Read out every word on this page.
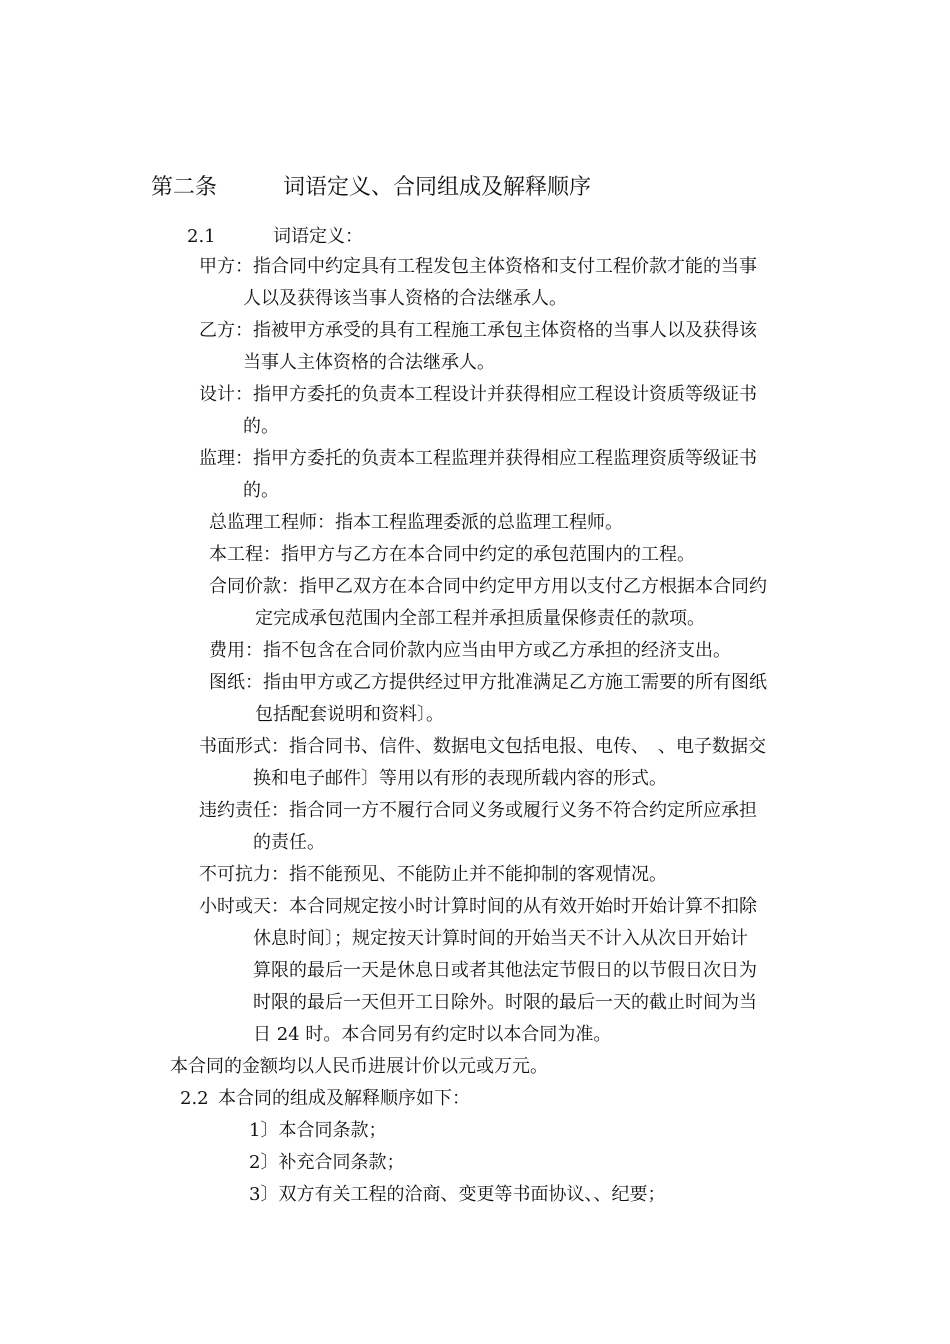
第二条	词语定义、合同组成及解释顺序
2.1	词语定义：
甲方：指合同中约定具有工程发包主体资格和支付工程价款才能的当事
人以及获得该当事人资格的合法继承人。
乙方：指被甲方承受的具有工程施工承包主体资格的当事人以及获得该
当事人主体资格的合法继承人。
设计：指甲方委托的负责本工程设计并获得相应工程设计资质等级证书
的。
监理：指甲方委托的负责本工程监理并获得相应工程监理资质等级证书
的。
总监理工程师：指本工程监理委派的总监理工程师。
本工程：指甲方与乙方在本合同中约定的承包范围内的工程。
合同价款：指甲乙双方在本合同中约定甲方用以支付乙方根据本合同约
定完成承包范围内全部工程并承担质量保修责任的款项。
费用：指不包含在合同价款内应当由甲方或乙方承担的经济支出。
图纸：指由甲方或乙方提供经过甲方批准满足乙方施工需要的所有图纸
包括配套说明和资料〕。
书面形式：指合同书、信件、数据电文包括电报、电传、　、电子数据交
换和电子邮件〕等用以有形的表现所载内容的形式。
违约责任：指合同一方不履行合同义务或履行义务不符合约定所应承担
的责任。
不可抗力：指不能预见、不能防止并不能抑制的客观情况。
小时或天：本合同规定按小时计算时间的从有效开始时开始计算不扣除
休息时间〕；规定按天计算时间的开始当天不计入从次日开始计
算限的最后一天是休息日或者其他法定节假日的以节假日次日为
时限的最后一天但开工日除外。时限的最后一天的截止时间为当
日 24 时。本合同另有约定时以本合同为准。
本合同的金额均以人民币进展计价以元或万元。
2.2 本合同的组成及解释顺序如下：
1〕本合同条款；
2〕补充合同条款；
3〕双方有关工程的洽商、变更等书面协议、、纪要；
